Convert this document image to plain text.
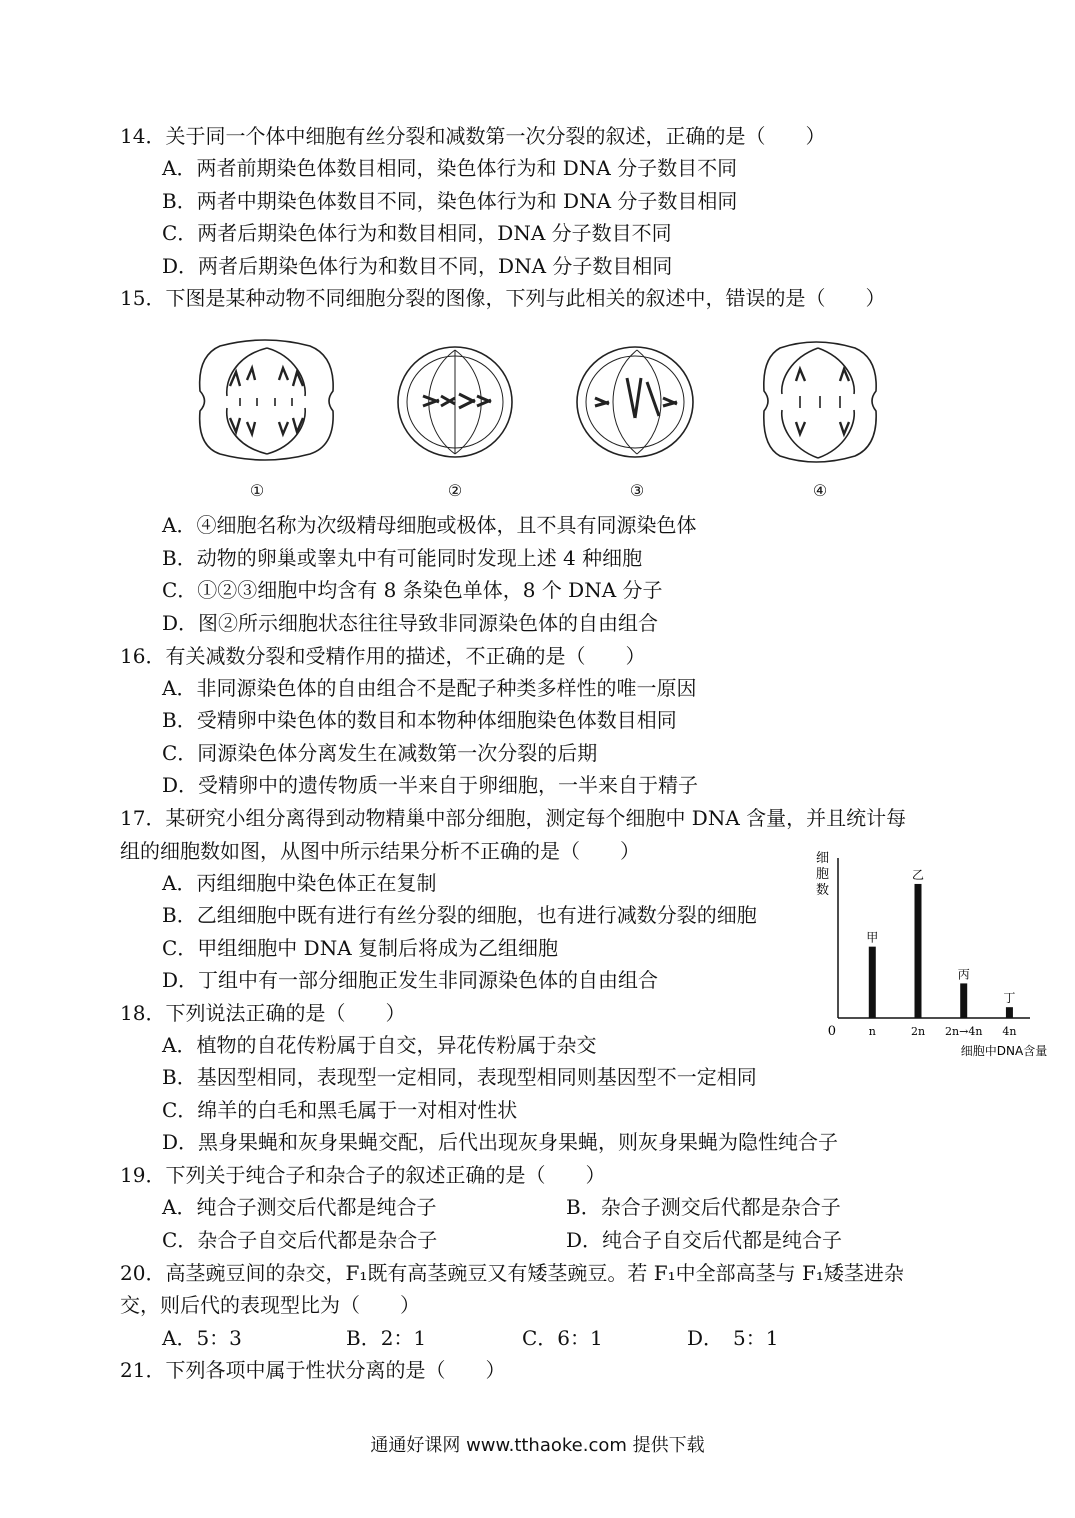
14．关于同一个体中细胞有丝分裂和减数第一次分裂的叙述，正确的是（　　）
A．两者前期染色体数目相同，染色体行为和 DNA 分子数目不同
B．两者中期染色体数目不同，染色体行为和 DNA 分子数目相同
C．两者后期染色体行为和数目相同，DNA 分子数目不同
D．两者后期染色体行为和数目不同，DNA 分子数目相同
15．下图是某种动物不同细胞分裂的图像，下列与此相关的叙述中，错误的是（　　）
①	②	③	④
A．④细胞名称为次级精母细胞或极体，且不具有同源染色体
B．动物的卵巢或睾丸中有可能同时发现上述 4 种细胞
C．①②③细胞中均含有 8 条染色单体，8 个 DNA 分子
D．图②所示细胞状态往往导致非同源染色体的自由组合
16．有关减数分裂和受精作用的描述，不正确的是（　　）
A．非同源染色体的自由组合不是配子种类多样性的唯一原因
B．受精卵中染色体的数目和本物种体细胞染色体数目相同
C．同源染色体分离发生在减数第一次分裂的后期
D．受精卵中的遗传物质一半来自于卵细胞，一半来自于精子
17．某研究小组分离得到动物精巢中部分细胞，测定每个细胞中 DNA 含量，并且统计每
组的细胞数如图，从图中所示结果分析不正确的是（　　）
A．丙组细胞中染色体正在复制
B．乙组细胞中既有进行有丝分裂的细胞，也有进行减数分裂的细胞
C．甲组细胞中 DNA 复制后将成为乙组细胞
D．丁组中有一部分细胞正发生非同源染色体的自由组合
细胞数
0
细胞中DNA含量
甲
n
乙
2n
丙
2n→4n
丁
4n
18．下列说法正确的是（　　）
A．植物的自花传粉属于自交，异花传粉属于杂交
B．基因型相同，表现型一定相同，表现型相同则基因型不一定相同
C．绵羊的白毛和黑毛属于一对相对性状
D．黑身果蝇和灰身果蝇交配，后代出现灰身果蝇，则灰身果蝇为隐性纯合子
19．下列关于纯合子和杂合子的叙述正确的是（　　）
A．纯合子测交后代都是纯合子	B．杂合子测交后代都是杂合子
C．杂合子自交后代都是杂合子	D．纯合子自交后代都是纯合子
20．高茎豌豆间的杂交，F₁既有高茎豌豆又有矮茎豌豆。若 F₁中全部高茎与 F₁矮茎进杂
交，则后代的表现型比为（　　）
A．5：3	B．2：1	C．6：1	D．　5：1
21．下列各项中属于性状分离的是（　　）
通通好课网 www.tthaoke.com 提供下载
